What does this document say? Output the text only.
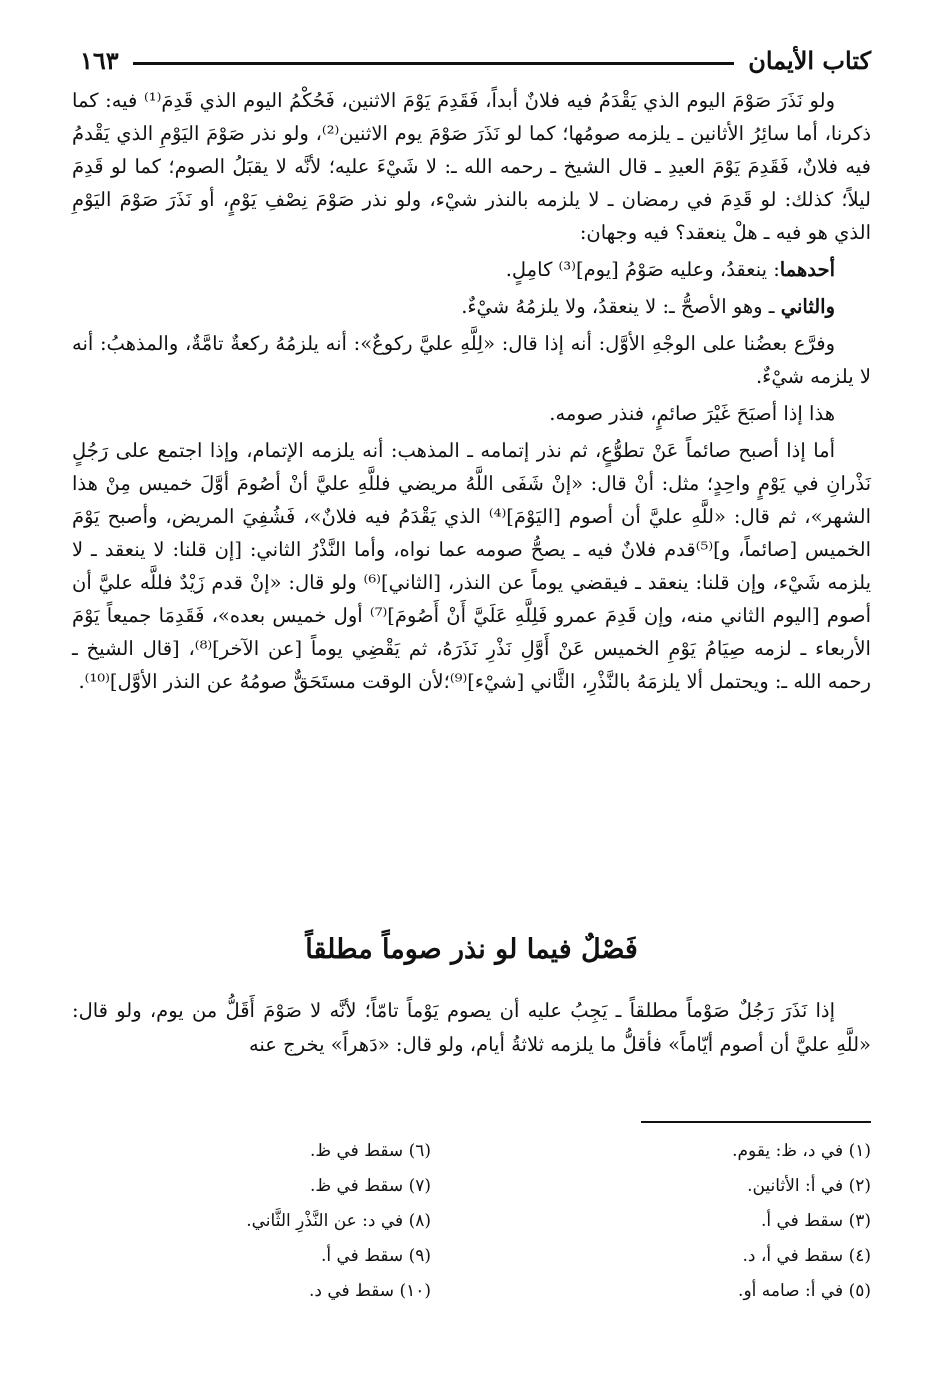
كتاب الأيمان
١٦٣

ولو نَذَرَ صَوْمَ اليوم الذي يَقْدَمُ فيه فلانٌ أبداً، فَقَدِمَ يَوْمَ الاثنين، فَحُكْمُ اليوم الذي قَدِمَ⁽¹⁾ فيه: كما ذكرنا، أما سائِرُ الأثانين ـ يلزمه صومُها؛ كما لو نَذَرَ صَوْمَ يوم الاثنين⁽²⁾، ولو نذر صَوْمَ اليَوْمِ الذي يَقْدمُ فيه فلانٌ، فَقَدِمَ يَوْمَ العيدِ ـ قال الشيخ ـ رحمه الله ـ: لا شَيْءَ عليه؛ لأنَّه لا يقبَلُ الصوم؛ كما لو قَدِمَ ليلاً؛ كذلك: لو قَدِمَ في رمضان ـ لا يلزمه بالنذر شيْء، ولو نذر صَوْمَ نِصْفِ يَوْمٍ، أو نَذَرَ صَوْمَ اليَوْمِ الذي هو فيه ـ هلْ ينعقد؟ فيه وجهان:

أحدهما: ينعقدُ، وعليه صَوْمُ [يوم]⁽³⁾ كامِلٍ.

والثاني ـ وهو الأصحُّ ـ: لا ينعقدُ، ولا يلزمُهُ شيْءٌ.

وفرَّع بعضُنا على الوجْهِ الأوَّل: أنه إذا قال: «لِلَّهِ عليَّ ركوعٌ»: أنه يلزمُهُ ركعةٌ تامَّةٌ، والمذهبُ: أنه لا يلزمه شيْءٌ.

هذا إذا أصبَحَ غَيْرَ صائمٍ، فنذر صومه.

أما إذا أصبح صائماً عَنْ تطوُّعٍ، ثم نذر إتمامه ـ المذهب: أنه يلزمه الإتمام، وإذا اجتمع على رَجُلٍ نَذْرانِ في يَوْمٍ واحِدٍ؛ مثل: أنْ قال: «إنْ شَفَى اللَّهُ مريضي فللَّهِ عليَّ أنْ أصُومَ أوَّلَ خميس مِنْ هذا الشهر»، ثم قال: «للَّهِ عليَّ أن أصوم [اليَوْمَ]⁽⁴⁾ الذي يَقْدَمُ فيه فلانٌ»، فَشُفِيَ المريض، وأصبح يَوْمَ الخميس [صائماً، و]⁽⁵⁾قدم فلانٌ فيه ـ يصحُّ صومه عما نواه، وأما النَّذْرُ الثاني: [إن قلنا: لا ينعقد ـ لا يلزمه شَيْء، وإن قلنا: ينعقد ـ فيقضي يوماً عن النذر، [الثاني]⁽⁶⁾ ولو قال: «إنْ قدم زَيْدٌ فللَّه عليَّ أن أصوم [اليوم الثاني منه، وإن قَدِمَ عمرو فَلِلَّهِ عَلَيَّ أَنْ أَصُومَ]⁽⁷⁾ أول خميس بعده»، فَقَدِمَا جميعاً يَوْمَ الأربعاء ـ لزمه صِيَامُ يَوْمِ الخميس عَنْ أَوَّلِ نَذْرِ نَذَرَهُ، ثم يَقْضِي يوماً [عن الآخر]⁽⁸⁾، [قال الشيخ ـ رحمه الله ـ: ويحتمل ألا يلزمَهُ بالنَّذْرِ، الثَّاني [شيْء]⁽⁹⁾؛لأن الوقت مستَحَقٌّ صومُهُ عن النذر الأوَّل]⁽¹⁰⁾.

فَصْلٌ فيما لو نذر صوماً مطلقاً

إذا نَذَرَ رَجُلٌ صَوْماً مطلقاً ـ يَجِبُ عليه أن يصوم يَوْماً تامّاً؛ لأنَّه لا صَوْمَ أَقَلُّ من يوم، ولو قال: «للَّهِ عليَّ أن أصوم أيّاماً» فأقلُّ ما يلزمه ثلاثةُ أيام، ولو قال: «دَهراً» يخرج عنه

(١) في د، ظ: يقوم.
(٢) في أ: الأثانين.
(٣) سقط في أ.
(٤) سقط في أ، د.
(٥) في أ: صامه أو.
(٦) سقط في ظ.
(٧) سقط في ظ.
(٨) في د: عن النَّذْرِ الثَّاني.
(٩) سقط في أ.
(١٠) سقط في د.
